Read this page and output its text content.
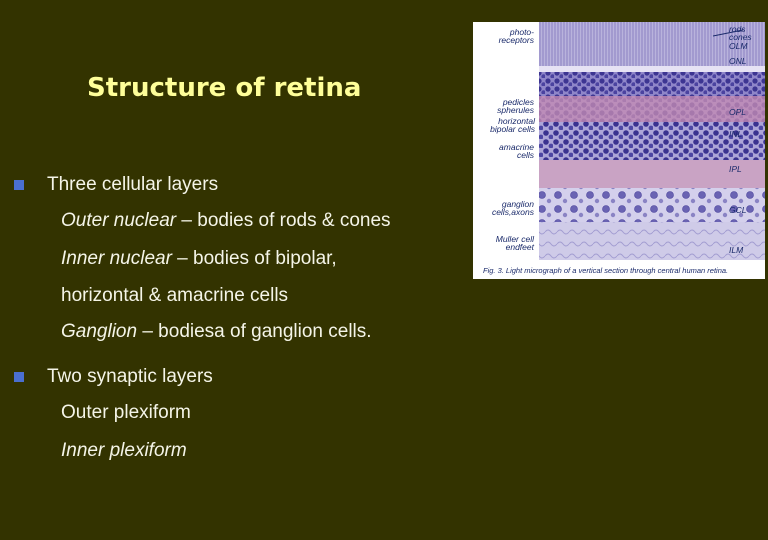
Structure of retina
Three cellular layers
Outer nuclear – bodies of rods & cones
Inner nuclear – bodies of bipolar,
horizontal & amacrine cells
Ganglion – bodiesa of ganglion cells.
Two synaptic layers
Outer plexiform
Inner plexiform
photo-
receptors
pedicles
spherules
horizontal
bipolar cells
amacrine
cells
ganglion
cells,axons
Muller cell
endfeet
rods
cones
OLM
ONL
OPL
INL
IPL
GCL
ILM
Fig. 3. Light micrograph of a vertical section through central human retina.
